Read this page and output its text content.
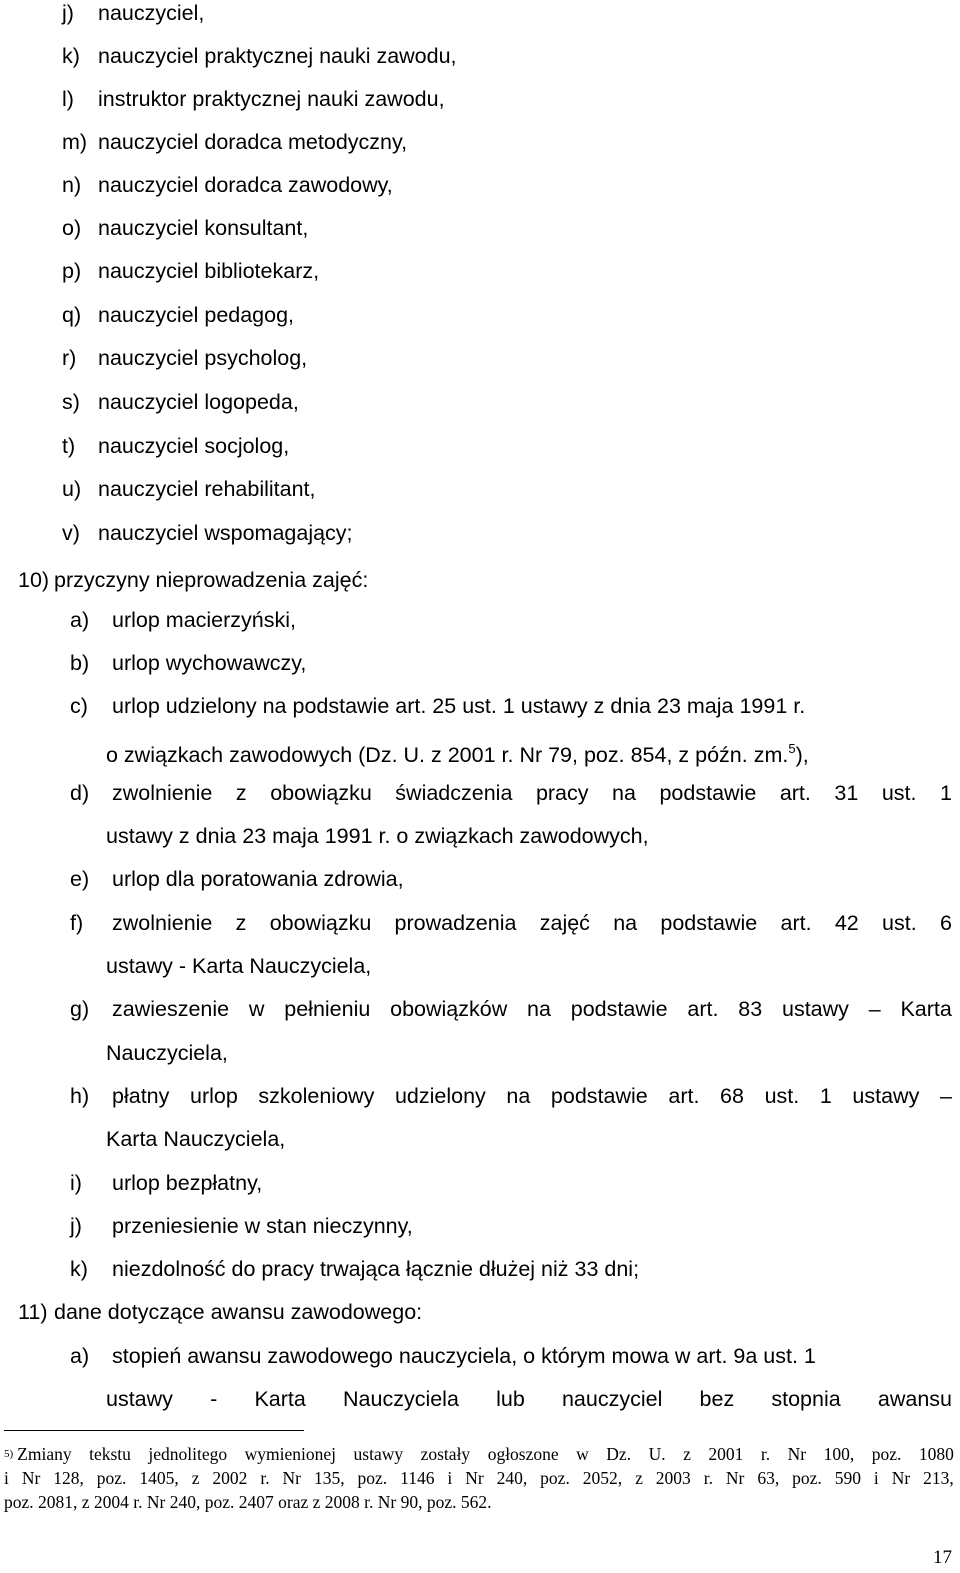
j) nauczyciel,
k) nauczyciel praktycznej nauki zawodu,
l) instruktor praktycznej nauki zawodu,
m) nauczyciel doradca metodyczny,
n) nauczyciel doradca zawodowy,
o) nauczyciel konsultant,
p) nauczyciel bibliotekarz,
q) nauczyciel pedagog,
r) nauczyciel psycholog,
s) nauczyciel logopeda,
t) nauczyciel socjolog,
u) nauczyciel rehabilitant,
v) nauczyciel wspomagający;
10) przyczyny nieprowadzenia zajęć:
a) urlop macierzyński,
b) urlop wychowawczy,
c) urlop udzielony na podstawie art. 25 ust. 1 ustawy z dnia 23 maja 1991 r.
o związkach zawodowych (Dz. U. z 2001 r. Nr 79, poz. 854, z późn. zm.$^5$),
d) zwolnienie z obowiązku świadczenia pracy na podstawie art. 31 ust. 1
ustawy z dnia 23 maja 1991 r. o związkach zawodowych,
e) urlop dla poratowania zdrowia,
f) zwolnienie z obowiązku prowadzenia zajęć na podstawie art. 42 ust. 6
ustawy - Karta Nauczyciela,
g) zawieszenie w pełnieniu obowiązków na podstawie art. 83 ustawy – Karta
Nauczyciela,
h) płatny urlop szkoleniowy udzielony na podstawie art. 68 ust. 1 ustawy –
Karta Nauczyciela,
i) urlop bezpłatny,
j) przeniesienie w stan nieczynny,
k) niezdolność do pracy trwająca łącznie dłużej niż 33 dni;
11) dane dotyczące awansu zawodowego:
a) stopień awansu zawodowego nauczyciela, o którym mowa w art. 9a ust. 1
ustawy - Karta Nauczyciela lub nauczyciel bez stopnia awansu
5) Zmiany tekstu jednolitego wymienionej ustawy zostały ogłoszone w Dz. U. z 2001 r. Nr 100, poz. 1080
i Nr 128, poz. 1405, z 2002 r. Nr 135, poz. 1146 i Nr 240, poz. 2052, z 2003 r. Nr 63, poz. 590 i Nr 213,
poz. 2081, z 2004 r. Nr 240, poz. 2407 oraz z 2008 r. Nr 90, poz. 562.
17
